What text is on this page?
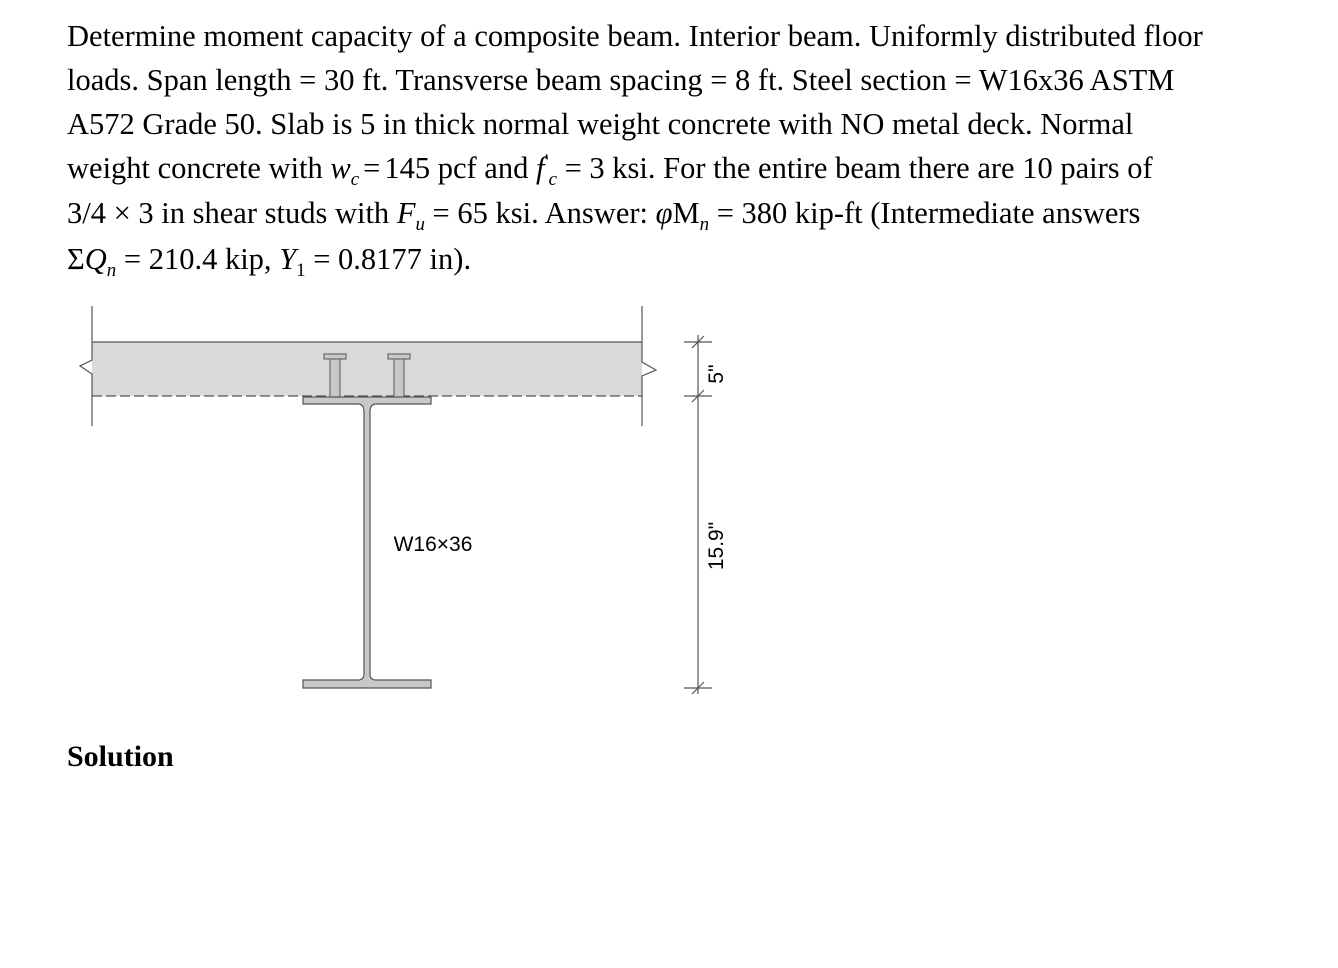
Determine moment capacity of a composite beam. Interior beam. Uniformly distributed floor
loads. Span length = 30 ft. Transverse beam spacing = 8 ft. Steel section = W16x36 ASTM
A572 Grade 50. Slab is 5 in thick normal weight concrete with NO metal deck. Normal
weight concrete with $w_c = 145$ pcf and $f'_c = 3$ ksi. For the entire beam there are 10 pairs of
3/4 × 3 in shear studs with $F_u = 65$ ksi. Answer: $\varphi M_n = 380$ kip-ft (Intermediate answers
$\Sigma Q_n = 210.4$ kip, $Y_1 = 0.8177$ in).
W16×36
5"
15.9"
Solution
